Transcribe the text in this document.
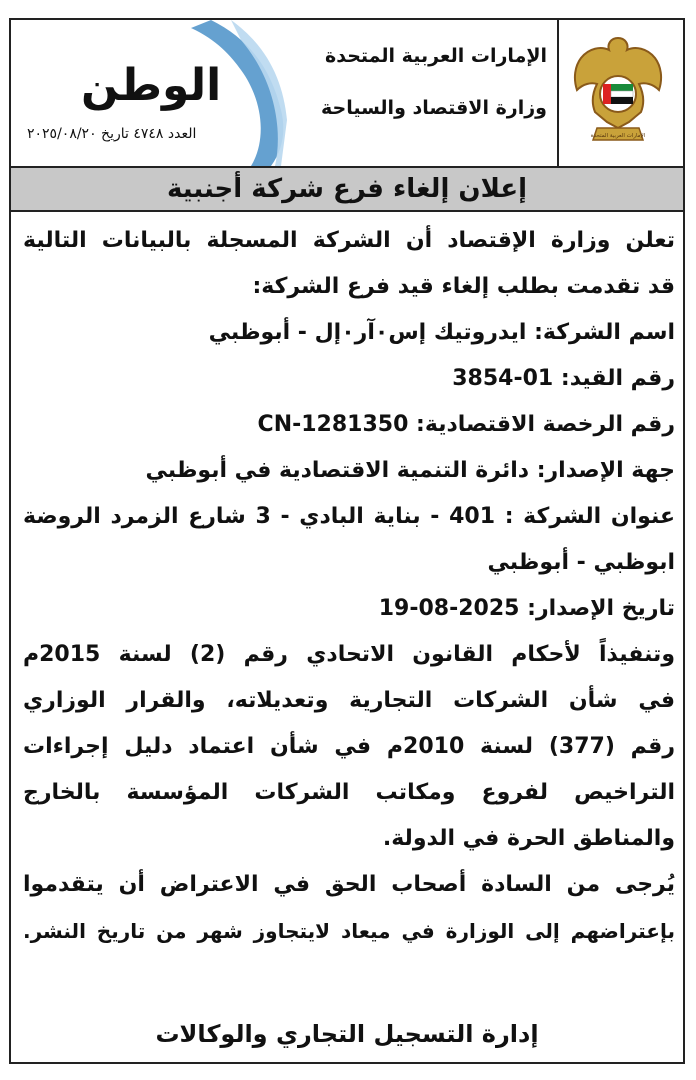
الإمارات العربية المتحدة
الإمارات العربية المتحدة
وزارة الاقتصاد والسياحة
الوطن
العدد ٤٧٤٨ تاريخ ٢٠٢٥/٠٨/٢٠
إعلان إلغاء فرع شركة أجنبية
تعلن وزارة الإقتصاد أن الشركة المسجلة بالبيانات التالية
قد تقدمت بطلب إلغاء قيد فرع الشركة:
اسم الشركة: ايدروتيك إس٠آر٠إل - أبوظبي
رقم القيد: 01-3854
رقم الرخصة الاقتصادية: CN-1281350
جهة الإصدار: دائرة التنمية الاقتصادية في أبوظبي
عنوان الشركة : 401 - بناية البادي - 3 شارع الزمرد الروضة
ابوظبي - أبوظبي
تاريخ الإصدار: 2025-08-19
وتنفيذاً لأحكام القانون الاتحادي رقم (2) لسنة 2015م
في شأن الشركات التجارية وتعديلاته، والقرار الوزاري
رقم (377) لسنة 2010م في شأن اعتماد دليل إجراءات
التراخيص لفروع ومكاتب الشركات المؤسسة بالخارج
والمناطق الحرة في الدولة.
يُرجى من السادة أصحاب الحق في الاعتراض أن يتقدموا
بإعتراضهم إلى الوزارة في ميعاد لايتجاوز شهر من تاريخ النشر.
إدارة التسجيل التجاري والوكالات
